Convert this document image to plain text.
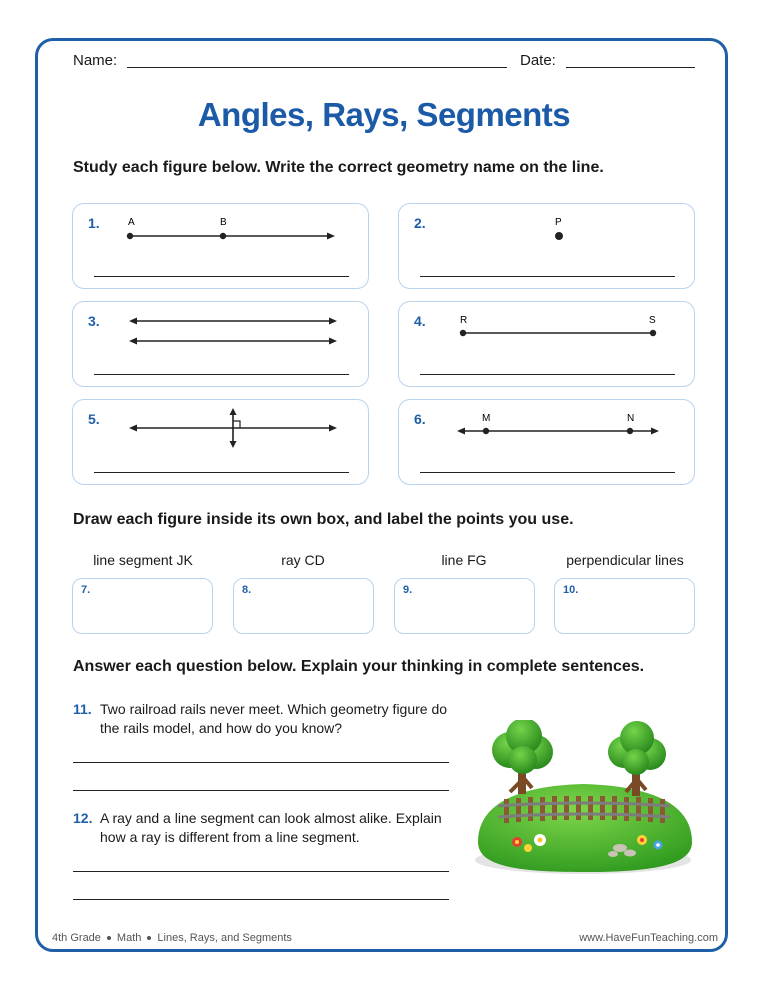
Name:	Date:
Angles, Rays, Segments
Study each figure below. Write the correct geometry name on the line.
1.	A	B	2.	P
3.	4.	R	S
5.	6.	M	N
Draw each figure inside its own box, and label the points you use.
line segment JK	ray CD	line FG	perpendicular lines
7.	8.	9.	10.
Answer each question below. Explain your thinking in complete sentences.
11. Two railroad rails never meet. Which geometry figure do the rails model, and how do you know?
12. A ray and a line segment can look almost alike. Explain how a ray is different from a line segment.
4th Grade Math Lines, Rays, and Segments	www.HaveFunTeaching.com
